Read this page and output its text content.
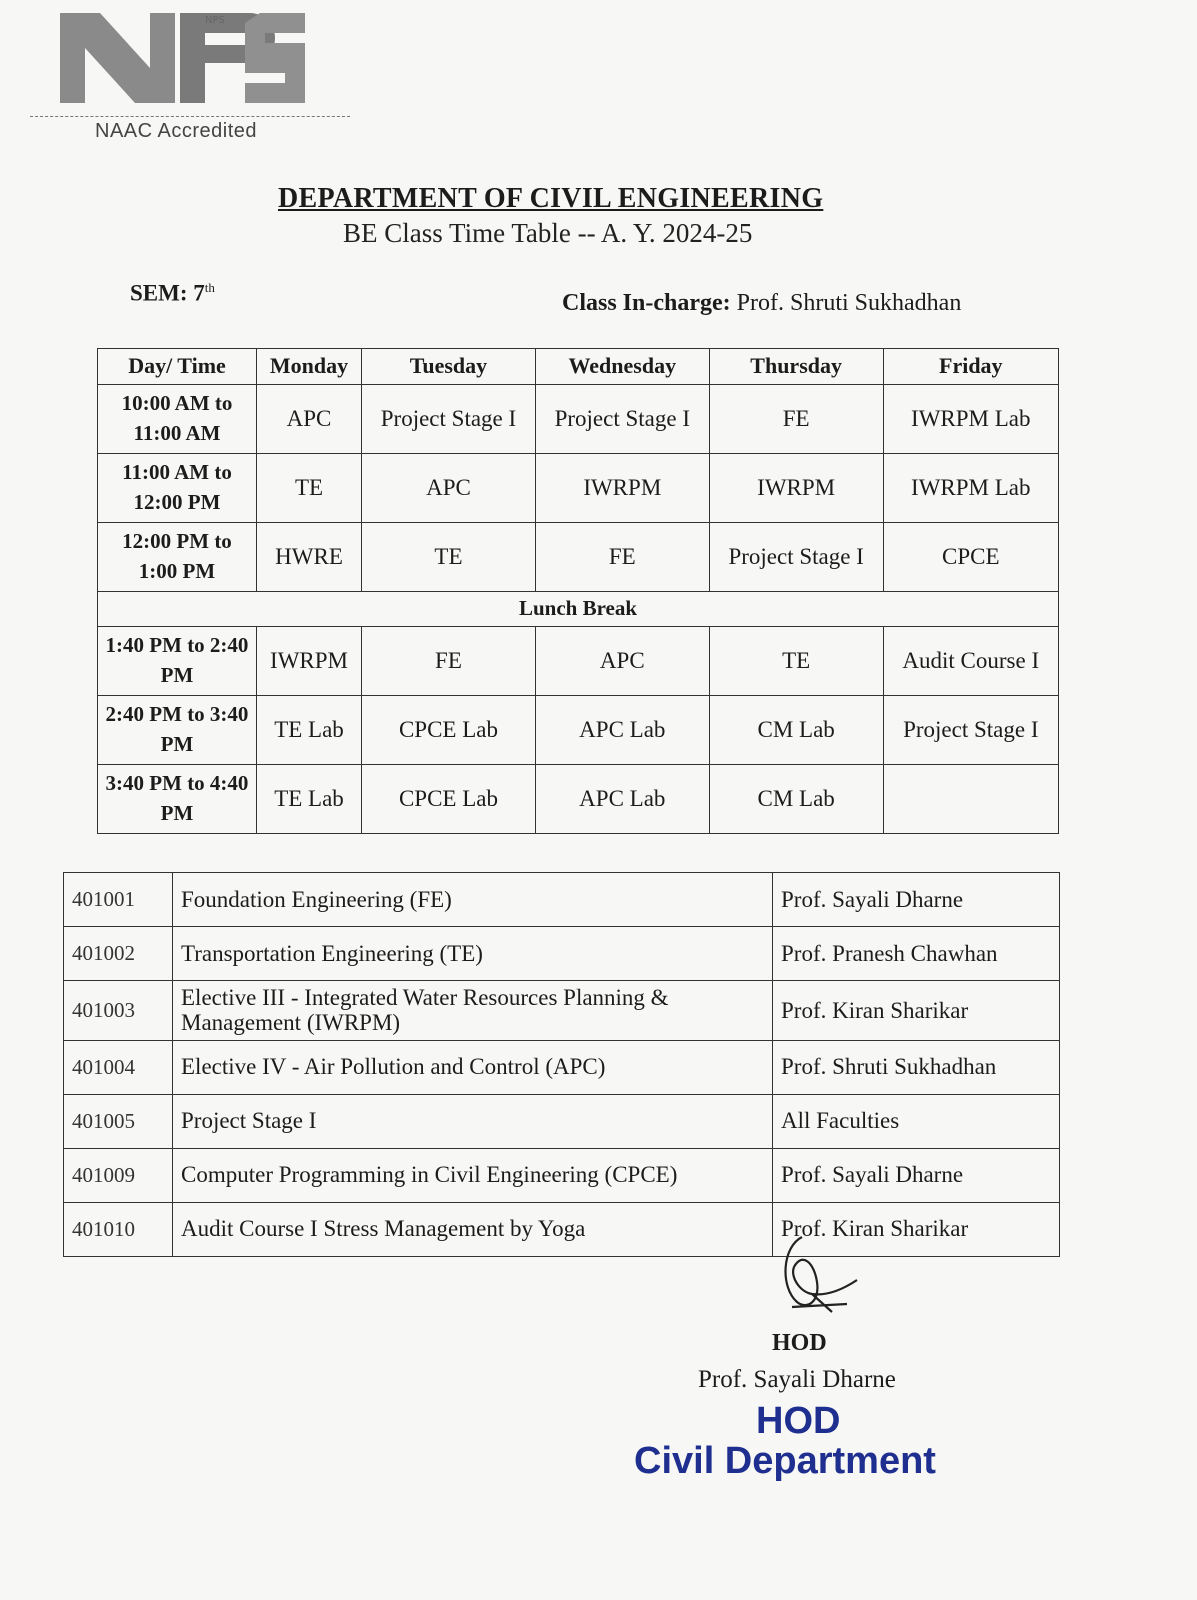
NPS
NAAC Accredited
DEPARTMENT OF CIVIL ENGINEERING
BE Class Time Table -- A. Y. 2024-25
SEM: 7th
Class In-charge: Prof. Shruti Sukhadhan
Day/ Time	Monday	Tuesday	Wednesday	Thursday	Friday
10:00 AM to 11:00 AM	APC	Project Stage I	Project Stage I	FE	IWRPM Lab
11:00 AM to 12:00 PM	TE	APC	IWRPM	IWRPM	IWRPM Lab
12:00 PM to 1:00 PM	HWRE	TE	FE	Project Stage I	CPCE
Lunch Break					
1:40 PM to 2:40 PM	IWRPM	FE	APC	TE	Audit Course I
2:40 PM to 3:40 PM	TE Lab	CPCE Lab	APC Lab	CM Lab	Project Stage I
3:40 PM to 4:40 PM	TE Lab	CPCE Lab	APC Lab	CM Lab	
401001	Foundation Engineering (FE)	Prof. Sayali Dharne
401002	Transportation Engineering (TE)	Prof. Pranesh Chawhan
401003	Elective III - Integrated Water Resources Planning & Management (IWRPM)	Prof. Kiran Sharikar
401004	Elective IV - Air Pollution and Control (APC)	Prof. Shruti Sukhadhan
401005	Project Stage I	All Faculties
401009	Computer Programming in Civil Engineering (CPCE)	Prof. Sayali Dharne
401010	Audit Course I Stress Management by Yoga	Prof. Kiran Sharikar
HOD
Prof. Sayali Dharne
HOD
Civil Department
